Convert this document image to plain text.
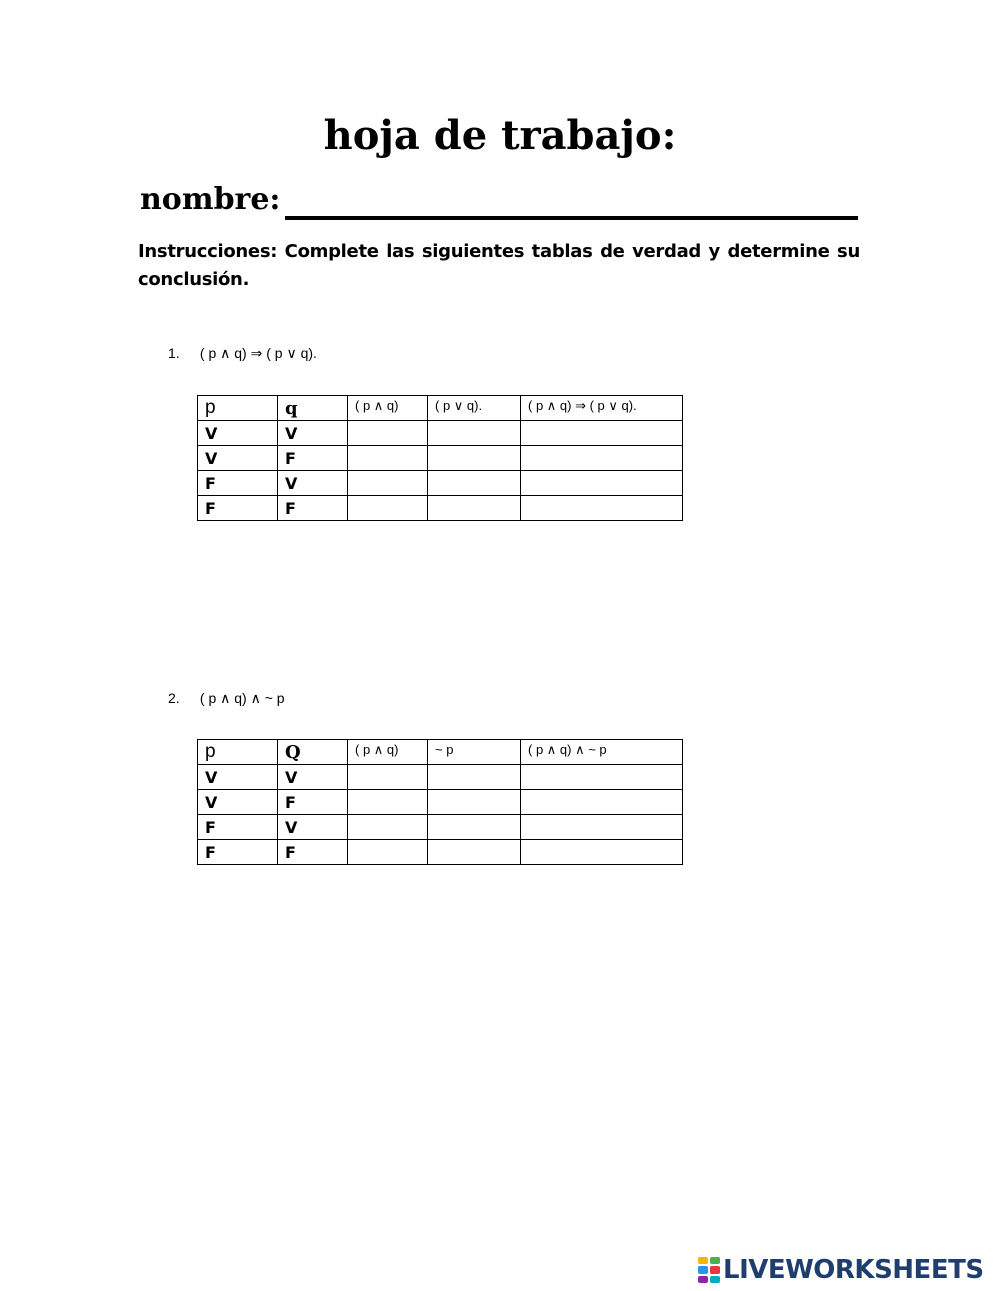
hoja de trabajo:
nombre:

Instrucciones: Complete las siguientes tablas de verdad y determine su conclusión.

1. ( p ∧ q) ⇒ ( p ∨ q).
p	q	( p ∧ q)	( p ∨ q).	( p ∧ q) ⇒ ( p ∨ q).
V	V			
V	F			
F	V			
F	F			
2. ( p ∧ q) ∧ ~ p
p	Q	( p ∧ q)	~ p	( p ∧ q) ∧ ~ p
V	V			
V	F			
F	V			
F	F			
LIVEWORKSHEETS
